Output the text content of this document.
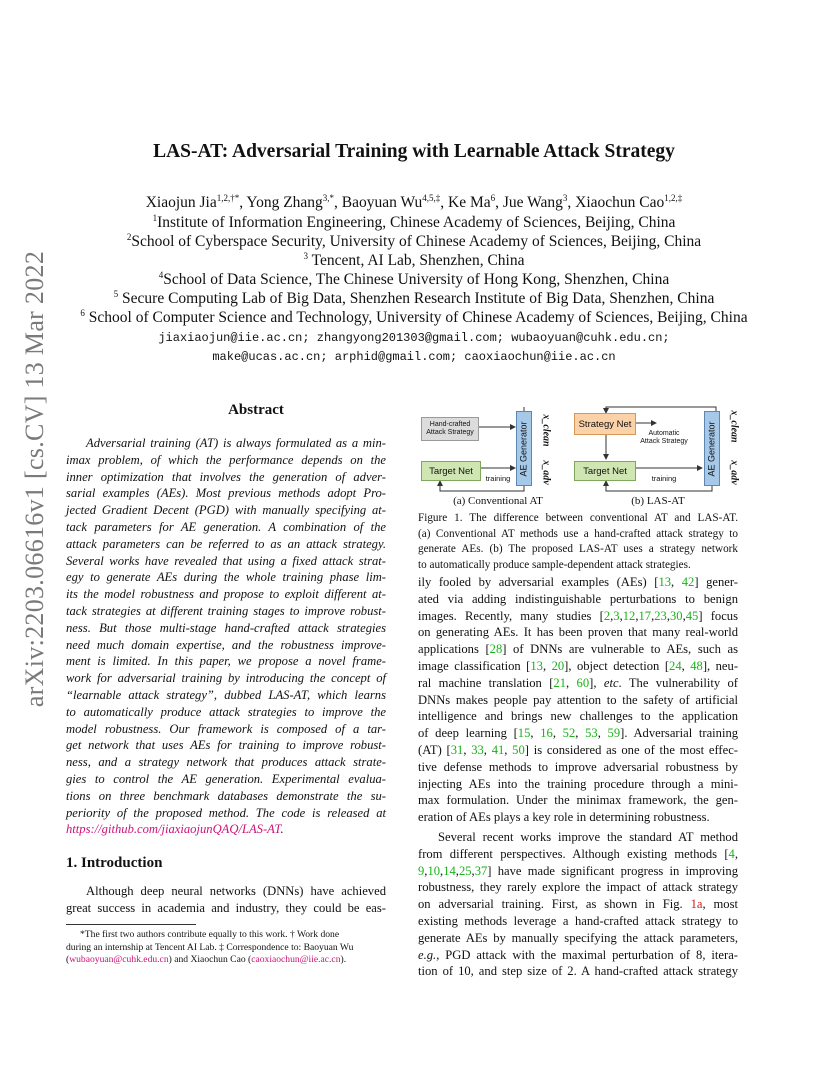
arXiv:2203.06616v1 [cs.CV] 13 Mar 2022
LAS-AT: Adversarial Training with Learnable Attack Strategy
Xiaojun Jia$^{1,2,\dagger*}$, Yong Zhang$^{3,*}$, Baoyuan $Wu^{4,5,\ddagger}$, Ke Ma$^6$, Jue Wang$^3$, Xiaochun Cao$^{1,2,\ddagger}$
$^1$Institute of Information Engineering, Chinese Academy of Sciences, Beijing, China
$^2$School of Cyberspace Security, University of Chinese Academy of Sciences, Beijing, China
$^3$ Tencent, AI Lab, Shenzhen, China
$^4$School of Data Science, The Chinese University of Hong Kong, Shenzhen, China
$^5$ Secure Computing Lab of Big Data, Shenzhen Research Institute of Big Data, Shenzhen, China
$^6$ School of Computer Science and Technology, University of Chinese Academy of Sciences, Beijing, China
jiaxiaojun@iie.ac.cn; zhangyong201303@gmail.com; wubaoyuan@cuhk.edu.cn;
make@ucas.ac.cn; arphid@gmail.com; caoxiaochun@iie.ac.cn
Abstract
Adversarial training (AT) is always formulated as a min-
imax problem, of which the performance depends on the
inner optimization that involves the generation of adver-
sarial examples (AEs). Most previous methods adopt Pro-
jected Gradient Decent (PGD) with manually specifying at-
tack parameters for AE generation. A combination of the
attack parameters can be referred to as an attack strategy.
Several works have revealed that using a fixed attack strat-
egy to generate AEs during the whole training phase lim-
its the model robustness and propose to exploit different at-
tack strategies at different training stages to improve robust-
ness. But those multi-stage hand-crafted attack strategies
need much domain expertise, and the robustness improve-
ment is limited. In this paper, we propose a novel frame-
work for adversarial training by introducing the concept of
“learnable attack strategy”, dubbed LAS-AT, which learns
to automatically produce attack strategies to improve the
model robustness. Our framework is composed of a tar-
get network that uses AEs for training to improve robust-
ness, and a strategy network that produces attack strate-
gies to control the AE generation. Experimental evalua-
tions on three benchmark databases demonstrate the su-
periority of the proposed method. The code is released at
https://github.com/jiaxiaojunQAQ/LAS-AT.
1. Introduction
Although deep neural networks (DNNs) have achieved
great success in academia and industry, they could be eas-
*The first two authors contribute equally to this work. † Work done
during an internship at Tencent AI Lab. ‡ Correspondence to: Baoyuan Wu
(wubaoyuan@cuhk.edu.cn) and Xiaochun Cao (caoxiaochun@iie.ac.cn).
Hand-crafted
Attack Strategy
Target Net	AE Generator
training
x_clean
x_adv
Strategy Net
Automatic
Attack Strategy
Target Net	AE Generator
training
x_clean
x_adv
(a) Conventional AT	(b) LAS-AT
Figure 1. The difference between conventional AT and LAS-AT.
(a) Conventional AT methods use a hand-crafted attack strategy to
generate AEs. (b) The proposed LAS-AT uses a strategy network
to automatically produce sample-dependent attack strategies.
ily fooled by adversarial examples (AEs) [13, 42] gener-
ated via adding indistinguishable perturbations to benign
images. Recently, many studies [2,3,12,17,23,30,45] focus
on generating AEs. It has been proven that many real-world
applications [28] of DNNs are vulnerable to AEs, such as
image classification [13, 20], object detection [24, 48], neu-
ral machine translation [21, 60], etc. The vulnerability of
DNNs makes people pay attention to the safety of artificial
intelligence and brings new challenges to the application
of deep learning [15, 16, 52, 53, 59]. Adversarial training
(AT) [31, 33, 41, 50] is considered as one of the most effec-
tive defense methods to improve adversarial robustness by
injecting AEs into the training procedure through a mini-
max formulation. Under the minimax framework, the gen-
eration of AEs plays a key role in determining robustness.
Several recent works improve the standard AT method
from different perspectives. Although existing methods [4,
9,10,14,25,37] have made significant progress in improving
robustness, they rarely explore the impact of attack strategy
on adversarial training. First, as shown in Fig. 1a, most
existing methods leverage a hand-crafted attack strategy to
generate AEs by manually specifying the attack parameters,
e.g., PGD attack with the maximal perturbation of 8, itera-
tion of 10, and step size of 2. A hand-crafted attack strategy
